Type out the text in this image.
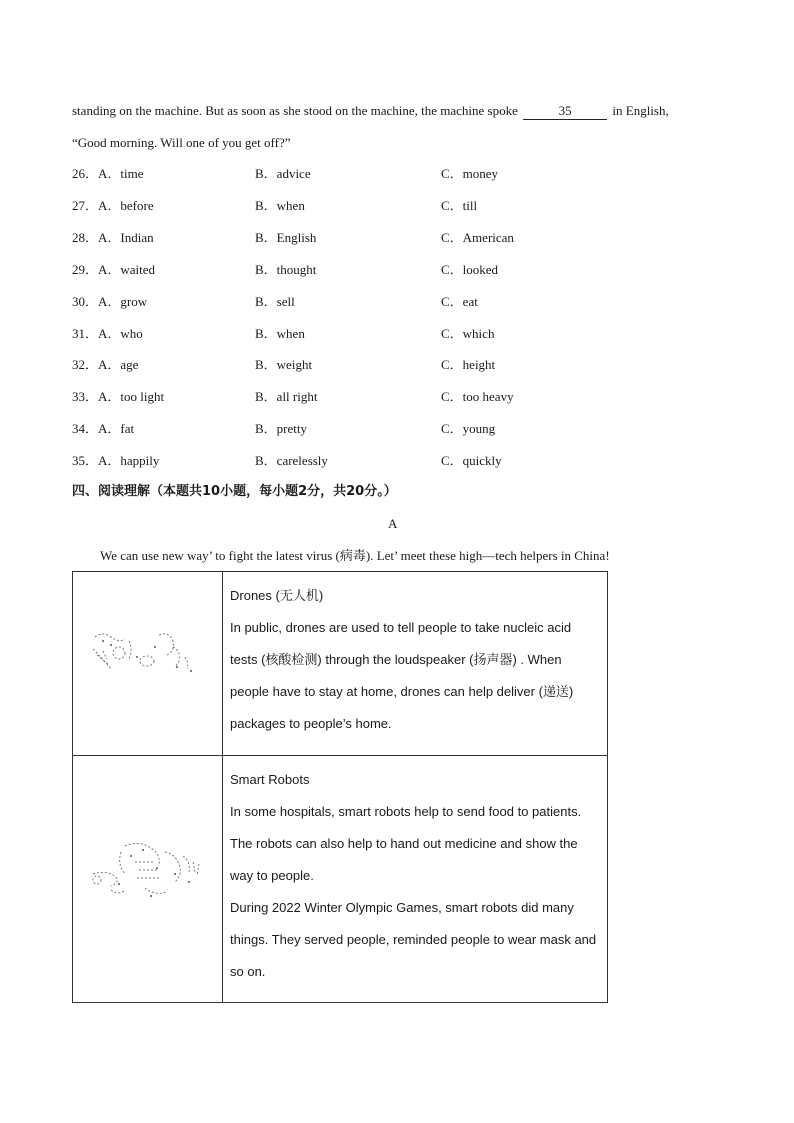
standing on the machine. But as soon as she stood on the machine, the machine spoke	35	in English,
“Good morning. Will one of you get off?”
26．A．time	B．advice	C．money
27．A．before	B．when	C．till
28．A．Indian	B．English	C．American
29．A．waited	B．thought	C．looked
30．A．grow	B．sell	C．eat
31．A．who	B．when	C．which
32．A．age	B．weight	C．height
33．A．too light	B．all right	C．too heavy
34．A．fat	B．pretty	C．young
35．A．happily	B．carelessly	C．quickly
四、阅读理解（本题共10小题，每小题2分，共20分。）
A
We can use new way’ to fight the latest virus (病毒). Let’ meet these high—tech helpers in China!

Drones (无人机)
In public, drones are used to tell people to take nucleic acid tests (核酸检测) through the loudspeaker (扬声器) . When people have to stay at home, drones can help deliver (递送) packages to people’s home.

Smart Robots
In some hospitals, smart robots help to send food to patients. The robots can also help to hand out medicine and show the way to people.
During 2022 Winter Olympic Games, smart robots did many things. They served people, reminded people to wear mask and so on.
